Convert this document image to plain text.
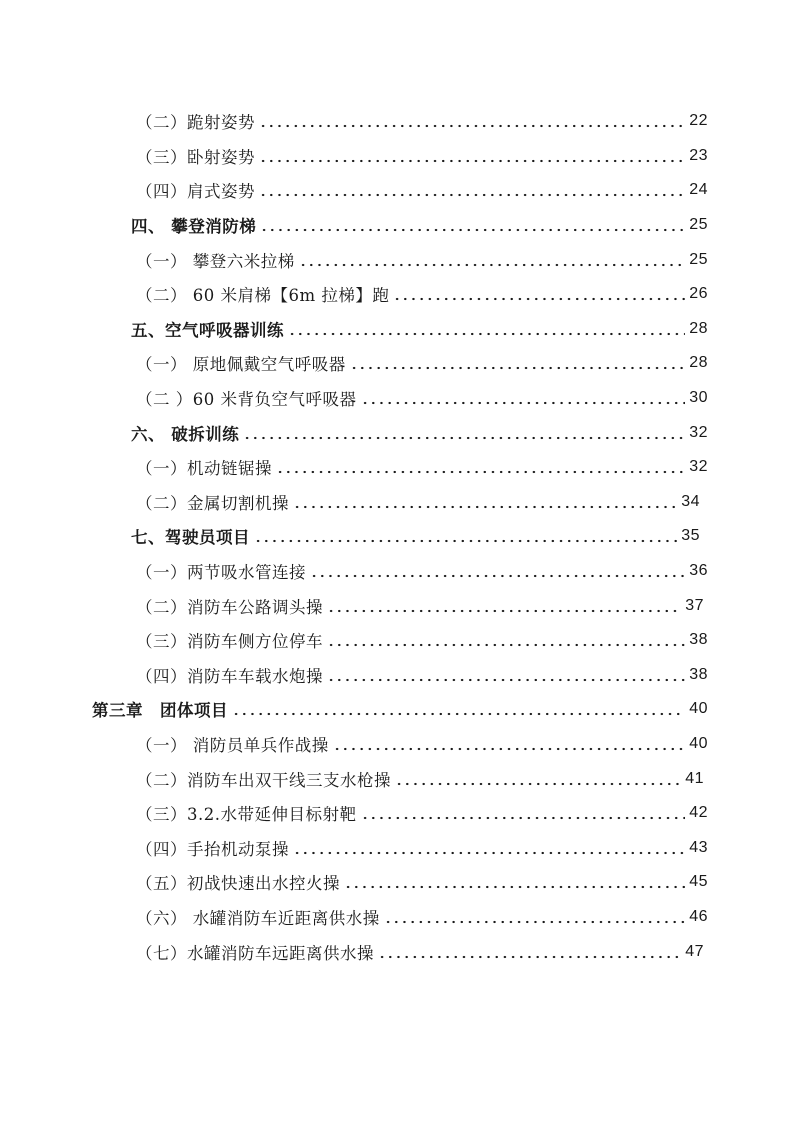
（二）跪射姿势	22
（三）卧射姿势	23
（四）肩式姿势	24
四、 攀登消防梯	25
（一） 攀登六米拉梯	25
（二） 60 米肩梯【6m 拉梯】跑	26
五、空气呼吸器训练	28
（一） 原地佩戴空气呼吸器	28
（二 ）60 米背负空气呼吸器	30
六、 破拆训练	32
（一）机动链锯操	32
（二）金属切割机操	34
七、驾驶员项目	35
（一）两节吸水管连接	36
（二）消防车公路调头操	37
（三）消防车侧方位停车	38
（四）消防车车载水炮操	38
第三章　团体项目	40
（一） 消防员单兵作战操	40
（二）消防车出双干线三支水枪操	41
（三）3.2.水带延伸目标射靶	42
（四）手抬机动泵操	43
（五）初战快速出水控火操	45
（六） 水罐消防车近距离供水操	46
（七）水罐消防车远距离供水操	47
